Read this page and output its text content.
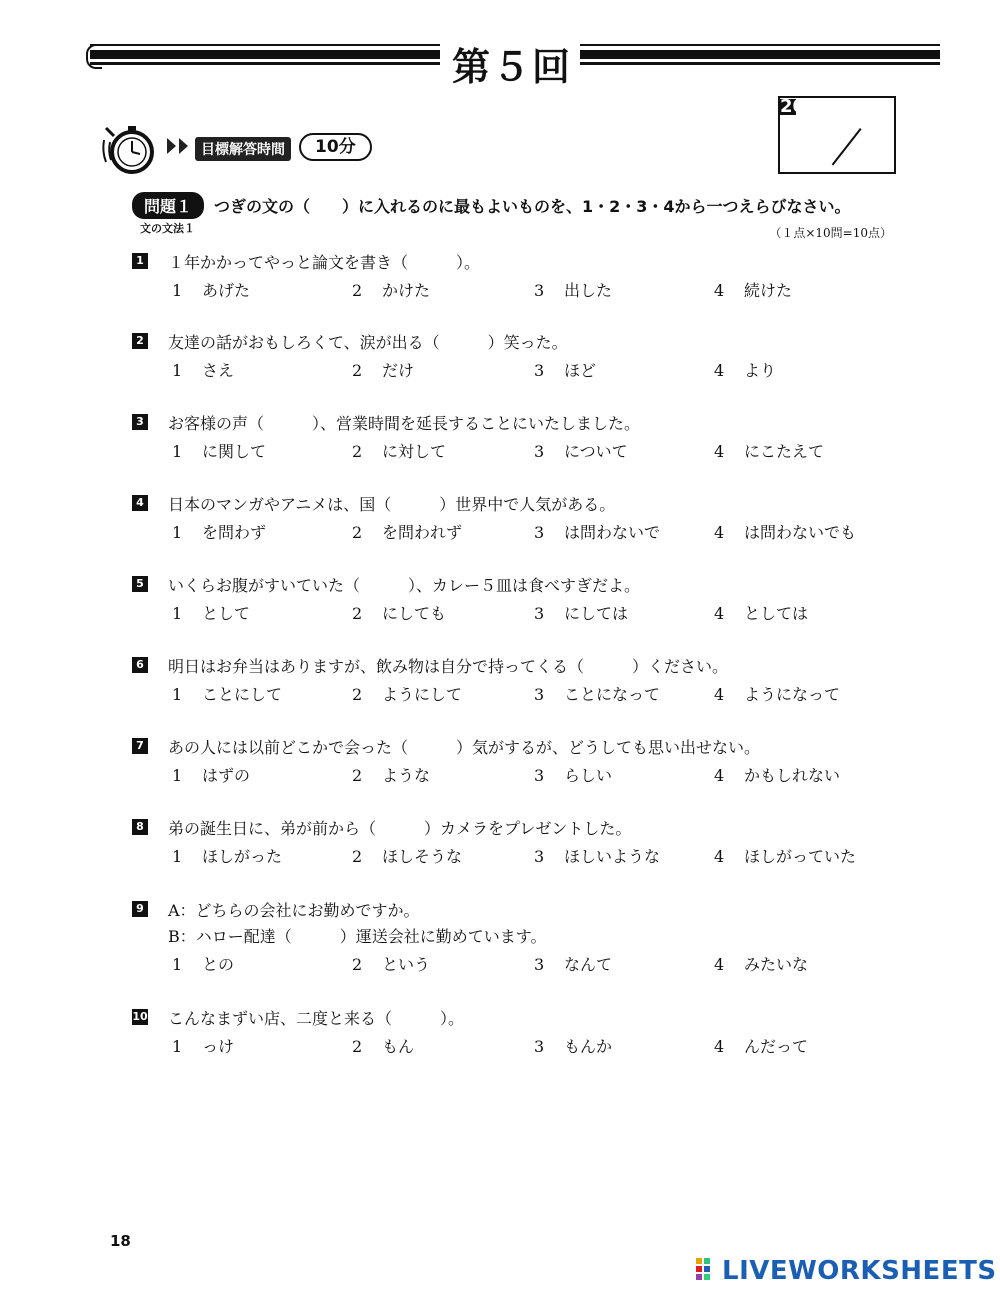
第５回
目標解答時間	10分
20
問題１ つぎの文の（　　）に入れるのに最もよいものを、1・2・3・4から一つえらびなさい。
文の文法１	（１点×10問=10点）
1 １年かかってやっと論文を書き（　　　）。
1 あげた	2 かけた	3 出した	4 続けた
2 友達の話がおもしろくて、涙が出る（　　　）笑った。
1 さえ	2 だけ	3 ほど	4 より
3 お客様の声（　　　）、営業時間を延長することにいたしました。
1 に関して	2 に対して	3 について	4 にこたえて
4 日本のマンガやアニメは、国（　　　）世界中で人気がある。
1 を問わず	2 を問われず	3 は問わないで	4 は問わないでも
5 いくらお腹がすいていた（　　　）、カレー５皿は食べすぎだよ。
1 として	2 にしても	3 にしては	4 としては
6 明日はお弁当はありますが、飲み物は自分で持ってくる（　　　）ください。
1 ことにして	2 ようにして	3 ことになって	4 ようになって
7 あの人には以前どこかで会った（　　　）気がするが、どうしても思い出せない。
1 はずの	2 ような	3 らしい	4 かもしれない
8 弟の誕生日に、弟が前から（　　　）カメラをプレゼントした。
1 ほしがった	2 ほしそうな	3 ほしいような	4 ほしがっていた
9 A：どちらの会社にお勤めですか。
B：ハロー配達（　　　）運送会社に勤めています。
1 との	2 という	3 なんて	4 みたいな
10 こんなまずい店、二度と来る（　　　）。
1 っけ	2 もん	3 もんか	4 んだって
18
LIVEWORKSHEETS
